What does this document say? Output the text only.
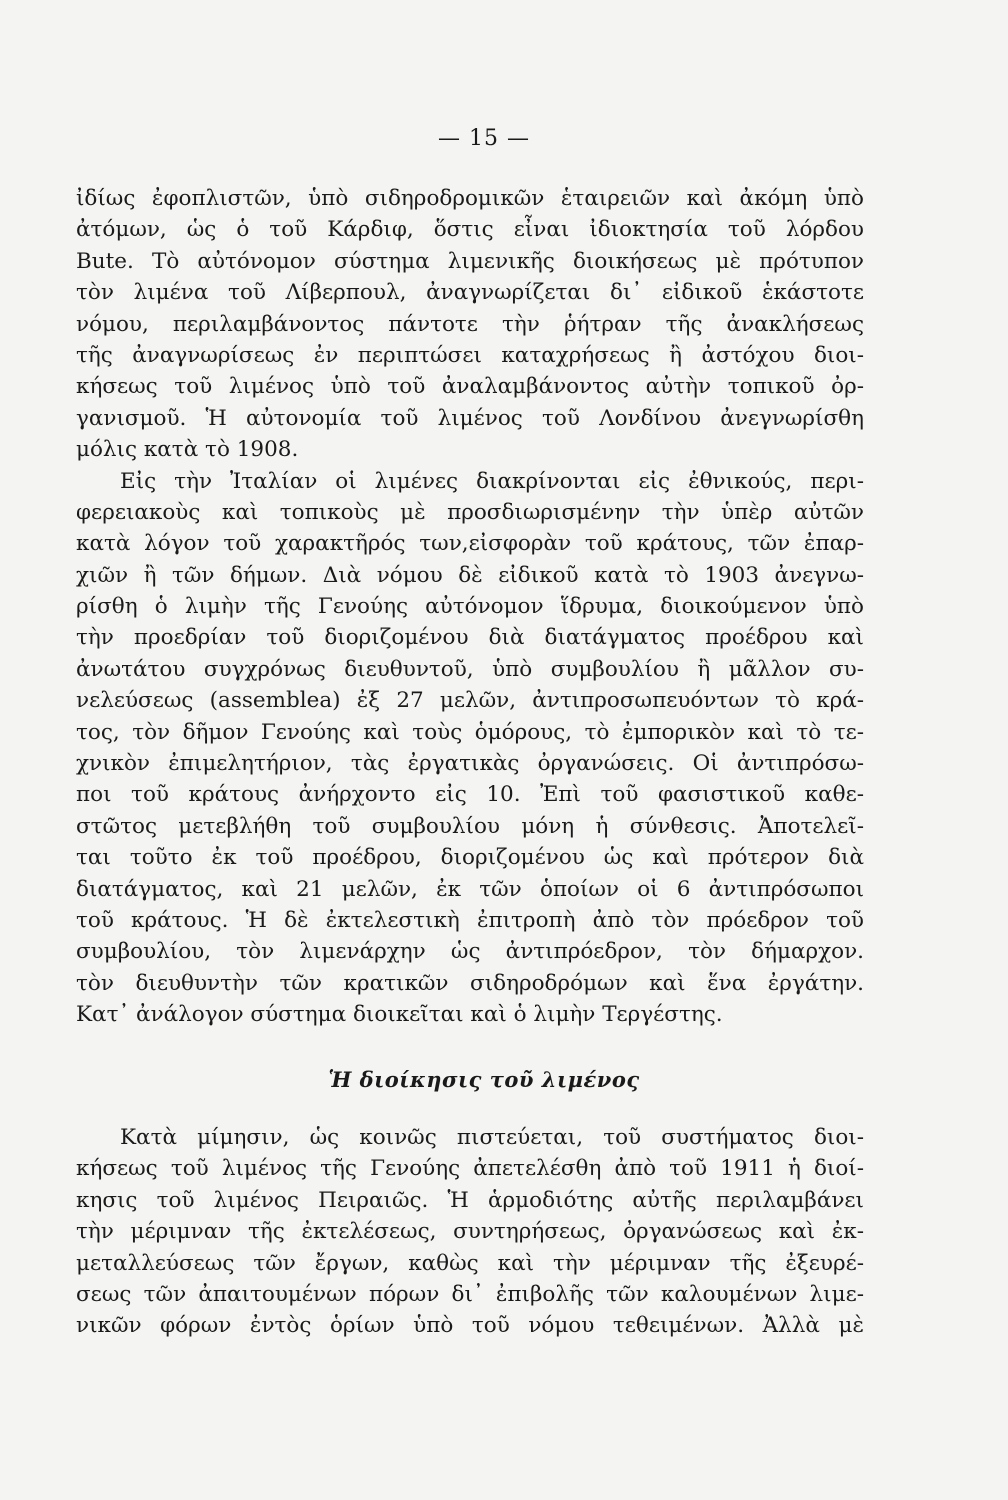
— 15 —
ἰδίως ἐφοπλιστῶν, ὑπὸ σιδηροδρομικῶν ἑταιρειῶν καὶ ἀκόμη ὑπὸ
ἀτόμων, ὡς ὁ τοῦ Κάρδιφ, ὅστις εἶναι ἰδιοκτησία τοῦ λόρδου
Bute. Τὸ αὐτόνομον σύστημα λιμενικῆς διοικήσεως μὲ πρότυπον
τὸν λιμένα τοῦ Λίβερπουλ, ἀναγνωρίζεται δι᾽ εἰδικοῦ ἑκάστοτε
νόμου, περιλαμβάνοντος πάντοτε τὴν ῥήτραν τῆς ἀνακλήσεως
τῆς ἀναγνωρίσεως ἐν περιπτώσει καταχρήσεως ἢ ἀστόχου διοι-
κήσεως τοῦ λιμένος ὑπὸ τοῦ ἀναλαμβάνοντος αὐτὴν τοπικοῦ ὀρ-
γανισμοῦ. Ἡ αὐτονομία τοῦ λιμένος τοῦ Λονδίνου ἀνεγνωρίσθη
μόλις κατὰ τὸ 1908.
Εἰς τὴν Ἰταλίαν οἱ λιμένες διακρίνονται εἰς ἐθνικούς, περι-
φερειακοὺς καὶ τοπικοὺς μὲ προσδιωρισμένην τὴν ὑπὲρ αὐτῶν
κατὰ λόγον τοῦ χαρακτῆρός των,εἰσφορὰν τοῦ κράτους, τῶν ἐπαρ-
χιῶν ἢ τῶν δήμων. Διὰ νόμου δὲ εἰδικοῦ κατὰ τὸ 1903 ἀνεγνω-
ρίσθη ὁ λιμὴν τῆς Γενούης αὐτόνομον ἵδρυμα, διοικούμενον ὑπὸ
τὴν προεδρίαν τοῦ διοριζομένου διὰ διατάγματος προέδρου καὶ
ἀνωτάτου συγχρόνως διευθυντοῦ, ὑπὸ συμβουλίου ἢ μᾶλλον συ-
νελεύσεως (assemblea) ἐξ 27 μελῶν, ἀντιπροσωπευόντων τὸ κρά-
τος, τὸν δῆμον Γενούης καὶ τοὺς ὁμόρους, τὸ ἐμπορικὸν καὶ τὸ τε-
χνικὸν ἐπιμελητήριον, τὰς ἐργατικὰς ὀργανώσεις. Οἱ ἀντιπρόσω-
ποι τοῦ κράτους ἀνήρχοντο εἰς 10. Ἐπὶ τοῦ φασιστικοῦ καθε-
στῶτος μετεβλήθη τοῦ συμβουλίου μόνη ἡ σύνθεσις. Ἀποτελεῖ-
ται τοῦτο ἐκ τοῦ προέδρου, διοριζομένου ὡς καὶ πρότερον διὰ
διατάγματος, καὶ 21 μελῶν, ἐκ τῶν ὁποίων οἱ 6 ἀντιπρόσωποι
τοῦ κράτους. Ἡ δὲ ἐκτελεστικὴ ἐπιτροπὴ ἀπὸ τὸν πρόεδρον τοῦ
συμβουλίου, τὸν λιμενάρχην ὡς ἀντιπρόεδρον, τὸν δήμαρχον.
τὸν διευθυντὴν τῶν κρατικῶν σιδηροδρόμων καὶ ἕνα ἐργάτην.
Κατ᾽ ἀνάλογον σύστημα διοικεῖται καὶ ὁ λιμὴν Τεργέστης.
Ἡ διοίκησις τοῦ λιμένος
Κατὰ μίμησιν, ὡς κοινῶς πιστεύεται, τοῦ συστήματος διοι-
κήσεως τοῦ λιμένος τῆς Γενούης ἀπετελέσθη ἀπὸ τοῦ 1911 ἡ διοί-
κησις τοῦ λιμένος Πειραιῶς. Ἡ ἁρμοδιότης αὐτῆς περιλαμβάνει
τὴν μέριμναν τῆς ἐκτελέσεως, συντηρήσεως, ὀργανώσεως καὶ ἐκ-
μεταλλεύσεως τῶν ἔργων, καθὼς καὶ τὴν μέριμναν τῆς ἐξευρέ-
σεως τῶν ἀπαιτουμένων πόρων δι᾽ ἐπιβολῆς τῶν καλουμένων λιμε-
νικῶν φόρων ἐντὸς ὁρίων ὑπὸ τοῦ νόμου τεθειμένων. Ἀλλὰ μὲ
